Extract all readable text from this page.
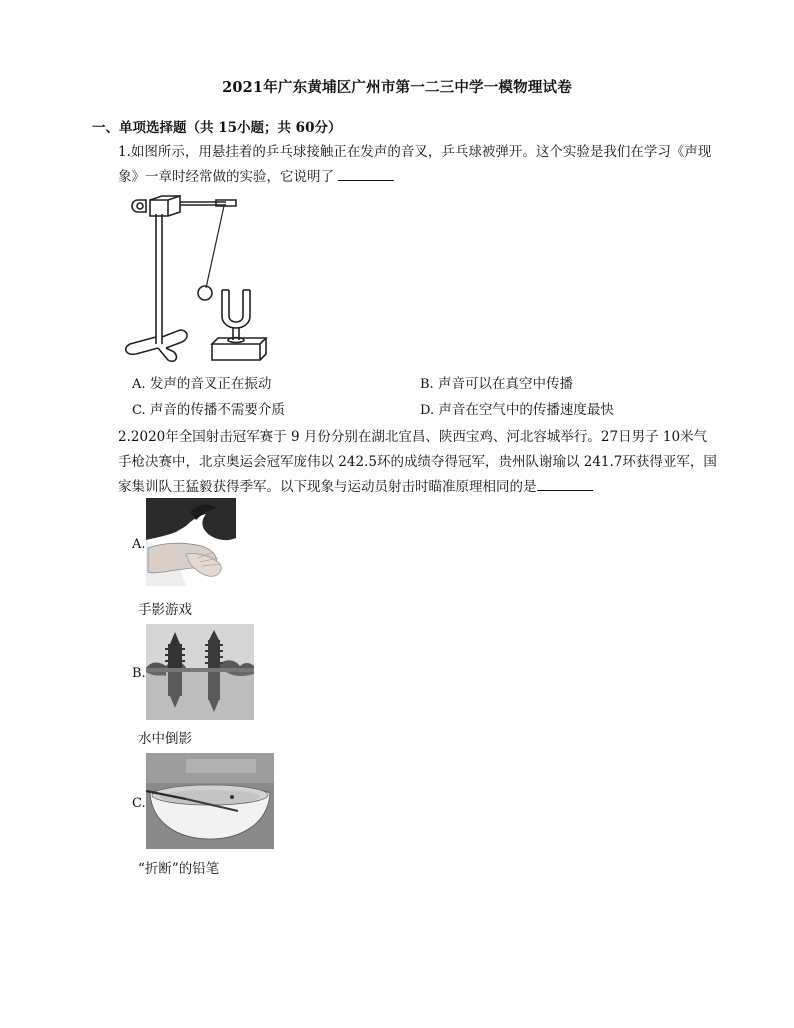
2021年广东黄埔区广州市第一二三中学一模物理试卷
一、单项选择题（共 15小题；共 60分）
1.如图所示，用悬挂着的乒乓球接触正在发声的音叉，乒乓球被弹开。这个实验是我们在学习《声现象》一章时经常做的实验，它说明了
A. 发声的音叉正在振动	B. 声音可以在真空中传播
C. 声音的传播不需要介质	D. 声音在空气中的传播速度最快
2.2020年全国射击冠军赛于 9 月份分别在湖北宜昌、陕西宝鸡、河北容城举行。27日男子 10米气手枪决赛中，北京奥运会冠军庞伟以 242.5环的成绩夺得冠军，贵州队谢瑜以 241.7环获得亚军，国家集训队王猛毅获得季军。以下现象与运动员射击时瞄准原理相同的是
A.
手影游戏
B.
水中倒影
C.
“折断”的铅笔
